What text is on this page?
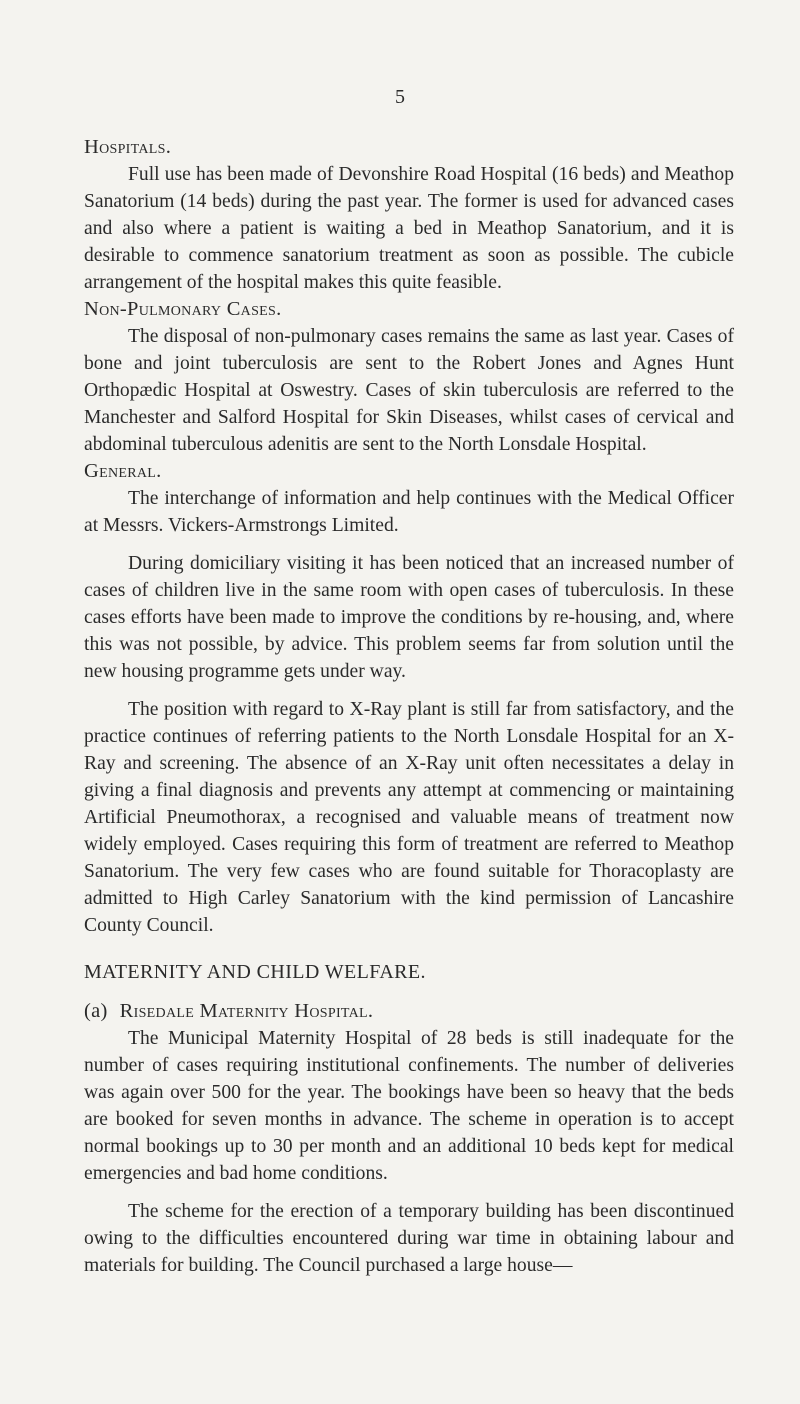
5

Hospitals.

Full use has been made of Devonshire Road Hospital (16 beds) and Meathop Sanatorium (14 beds) during the past year. The former is used for advanced cases and also where a patient is waiting a bed in Meathop Sanatorium, and it is desirable to commence sanatorium treatment as soon as possible. The cubicle arrangement of the hospital makes this quite feasible.

Non-Pulmonary Cases.

The disposal of non-pulmonary cases remains the same as last year. Cases of bone and joint tuberculosis are sent to the Robert Jones and Agnes Hunt Orthopædic Hospital at Oswestry. Cases of skin tuberculosis are referred to the Manchester and Salford Hospital for Skin Diseases, whilst cases of cervical and abdominal tuberculous adenitis are sent to the North Lonsdale Hospital.

General.

The interchange of information and help continues with the Medical Officer at Messrs. Vickers-Armstrongs Limited.

During domiciliary visiting it has been noticed that an increased number of cases of children live in the same room with open cases of tuberculosis. In these cases efforts have been made to improve the conditions by re-housing, and, where this was not possible, by advice. This problem seems far from solution until the new housing programme gets under way.

The position with regard to X-Ray plant is still far from satisfactory, and the practice continues of referring patients to the North Lonsdale Hospital for an X-Ray and screening. The absence of an X-Ray unit often necessitates a delay in giving a final diagnosis and prevents any attempt at commencing or maintaining Artificial Pneumothorax, a recognised and valuable means of treatment now widely employed. Cases requiring this form of treatment are referred to Meathop Sanatorium. The very few cases who are found suitable for Thoracoplasty are admitted to High Carley Sanatorium with the kind permission of Lancashire County Council.

MATERNITY AND CHILD WELFARE.

(a) Risedale Maternity Hospital.

The Municipal Maternity Hospital of 28 beds is still inadequate for the number of cases requiring institutional confinements. The number of deliveries was again over 500 for the year. The bookings have been so heavy that the beds are booked for seven months in advance. The scheme in operation is to accept normal bookings up to 30 per month and an additional 10 beds kept for medical emergencies and bad home conditions.

The scheme for the erection of a temporary building has been discontinued owing to the difficulties encountered during war time in obtaining labour and materials for building. The Council purchased a large house—
